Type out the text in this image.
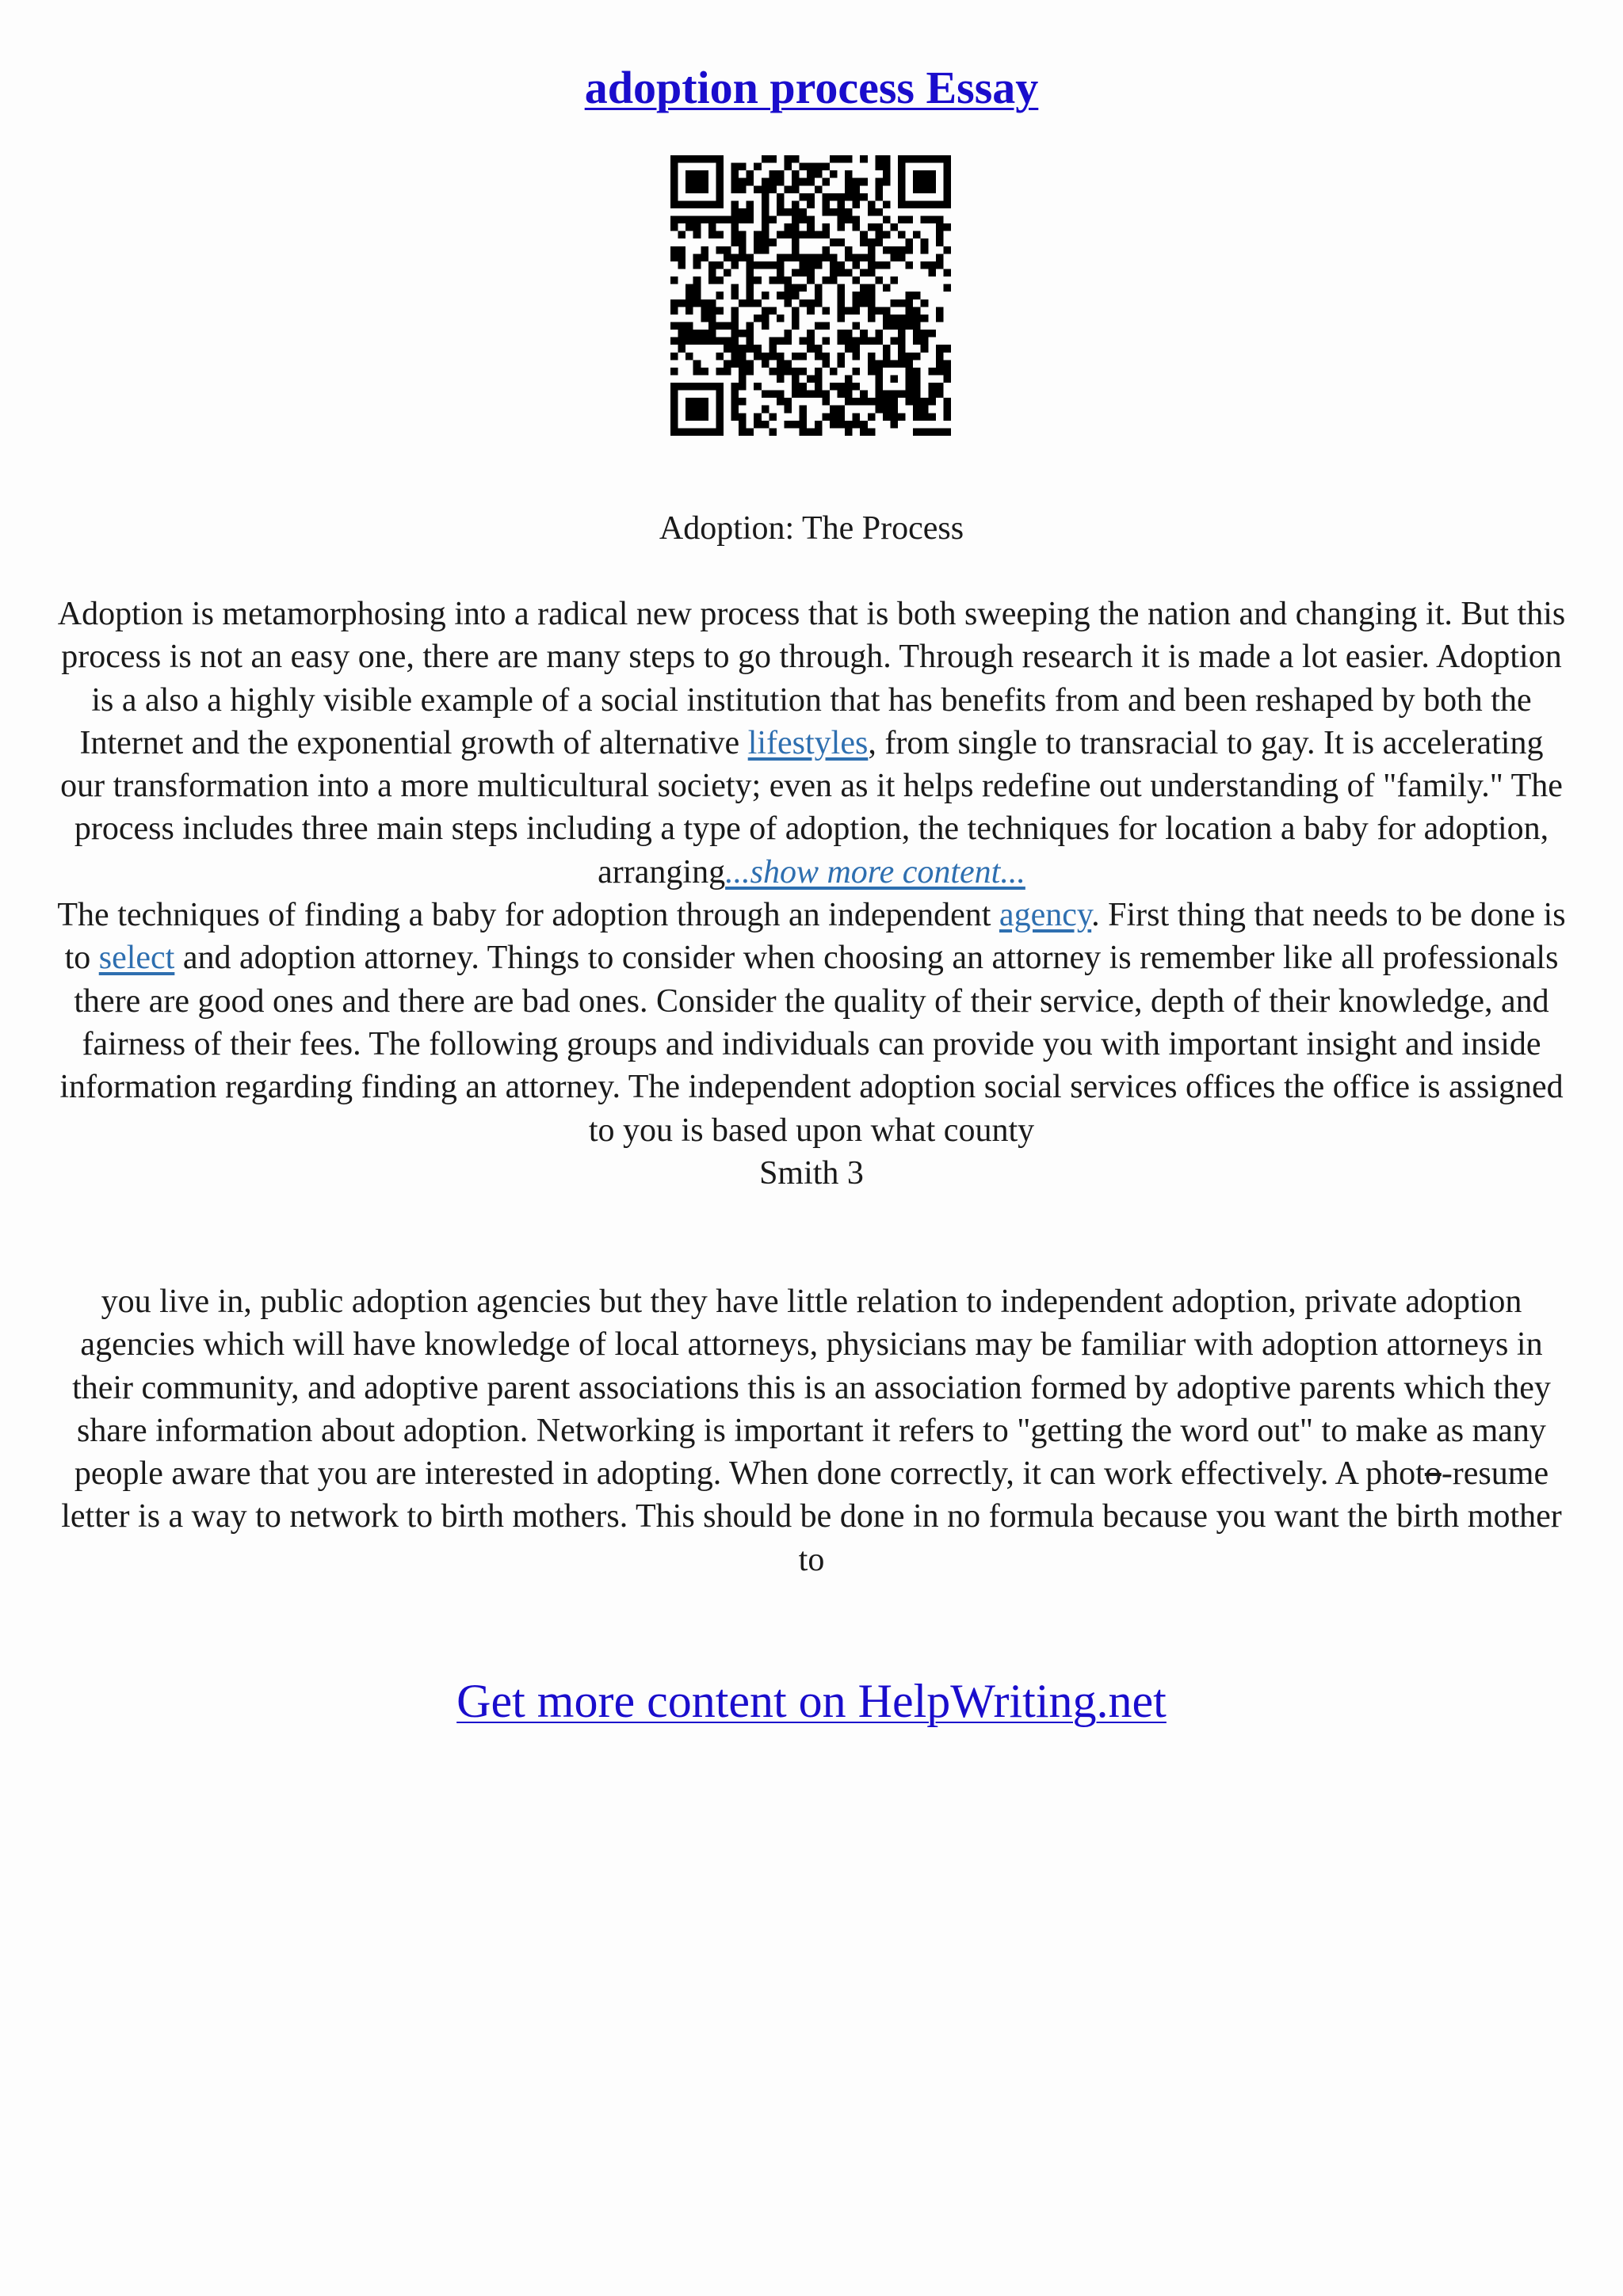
adoption process Essay
Adoption: The Process
Adoption is metamorphosing into a radical new process that is both sweeping the nation and changing it. But this process is not an easy one, there are many steps to go through. Through research it is made a lot easier. Adoption is a also a highly visible example of a social institution that has benefits from and been reshaped by both the Internet and the exponential growth of alternative lifestyles, from single to transracial to gay. It is accelerating our transformation into a more multicultural society; even as it helps redefine out understanding of "family." The process includes three main steps including a type of adoption, the techniques for location a baby for adoption, arranging...show more content...
The techniques of finding a baby for adoption through an independent agency. First thing that needs to be done is to select and adoption attorney. Things to consider when choosing an attorney is remember like all professionals there are good ones and there are bad ones. Consider the quality of their service, depth of their knowledge, and fairness of their fees. The following groups and individuals can provide you with important insight and inside information regarding finding an attorney. The independent adoption social services offices the office is assigned to you is based upon what county
Smith 3
you live in, public adoption agencies but they have little relation to independent adoption, private adoption agencies which will have knowledge of local attorneys, physicians may be familiar with adoption attorneys in their community, and adoptive parent associations this is an association formed by adoptive parents which they share information about adoption. Networking is important it refers to "getting the word out" to make as many people aware that you are interested in adopting. When done correctly, it can work effectively. A photo-resume letter is a way to network to birth mothers. This should be done in no formula because you want the birth mother to
Get more content on HelpWriting.net
